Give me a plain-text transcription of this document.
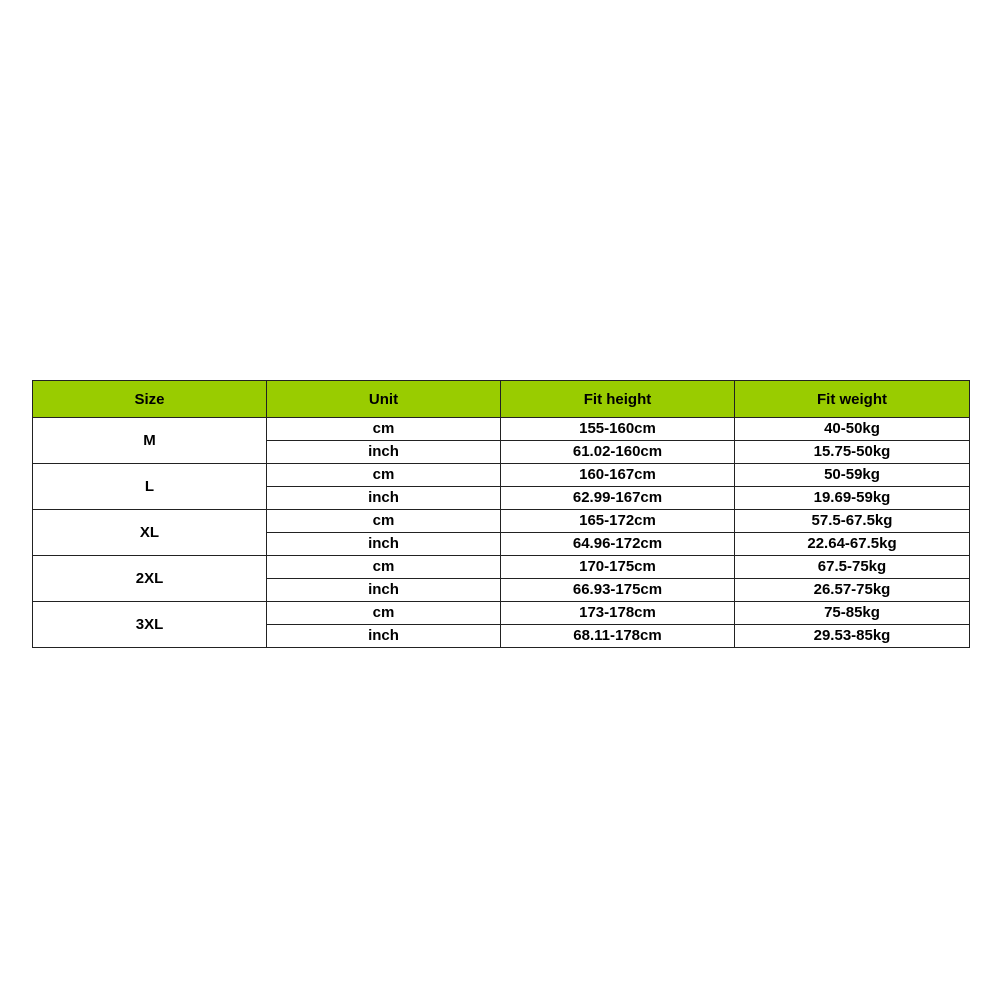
Size	Unit	Fit height	Fit weight
M	cm	155-160cm	40-50kg
	inch	61.02-160cm	15.75-50kg
L	cm	160-167cm	50-59kg
	inch	62.99-167cm	19.69-59kg
XL	cm	165-172cm	57.5-67.5kg
	inch	64.96-172cm	22.64-67.5kg
2XL	cm	170-175cm	67.5-75kg
	inch	66.93-175cm	26.57-75kg
3XL	cm	173-178cm	75-85kg
	inch	68.11-178cm	29.53-85kg
